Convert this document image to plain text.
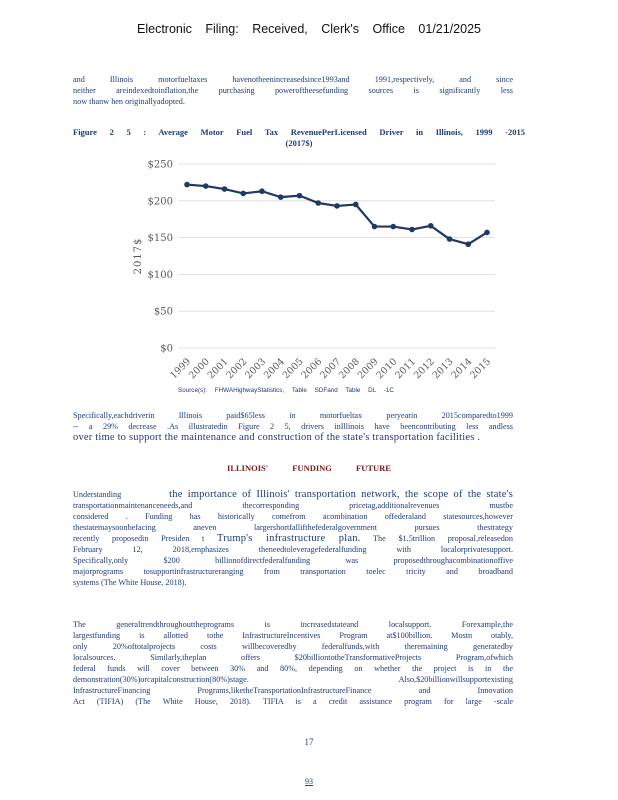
Electronic Filing: Received, Clerk's Office 01/21/2025
and Illinois motorfueltaxes havenotbeenincreasedsince1993and 1991,respectively, and since
neither areindexedtoinflation,the purchasing poweroftheesefunding sources is significantly less
now thanw hen originallyadopted.
Figure 2 5 : Average Motor Fuel Tax RevenuePerLicensed Driver in Illinois, 1999 -2015
(2017$)
$0
$50
$100
$150
$200
$250
2017$
1999
2000
2001
2002
2003
2004
2005
2006
2007
2008
2009
2010
2011
2012
2013
2014
2015
Source(s): FHWAHighwayStatistics, Table SDFand Table DL -1C
Specifically,eachdriverin Illinois paid$65less in motorfueltax peryearin 2015comparedto1999
-- a 29% decrease .As illustratedin Figure 2 5, drivers inIllinois have beencontributing less andless
over time to support the maintenance and construction of the state's transportation facilities .
ILLINOIS' FUNDING FUTURE
Understanding	the importance of Illinois' transportation network, the scope of the state's
transportationmaintenanceneeds,and thecorresponding pricetag,additionalrevenues mustbe
considered . Funding has historically comefrom acombination offederaland statesources,however
thestatemaysoonbefacing aneven largershortfallifthefederalgovernment pursues thestrategy
recently proposedin Presiden t Trump's infrastructure plan. The $1.5trillion proposal,releasedon
February 12, 2018,emphasizes theneedtoleveragefederalfunding with localorprivatesupport.
Specifically,only $200 billionofdirectfederalfunding was proposedthroughacombinationoffive
majorprograms tosupportinfrastructureranging from transportation toelec tricity and broadband
systems (The White House, 2018).
The generaltrendthroughouttheprograms is increasedstateand localsupport. Forexample,the
largestfunding is allotted tothe InfrastructureIncentives Program at$100billion. Mostn otably,
only 20%oftotalprojects costs willbecoveredby federalfunds,with theremaining generatedby
localsources. Similarly,theplan offers $20billiontotheTransformativeProjects Program,ofwhich
federal funds will cover between 30% and 80%, depending on whether the project is in the
demonstration(30%)orcapitalconstruction(80%)stage. Also,$20billionwillsupportexisting
InfrastructureFinancing Programs,liketheTransportationInfrastructureFinance and Innovation
Act (TIFIA) (The White House, 2018). TIFIA is a credit assistance program for large -scale
17
93
